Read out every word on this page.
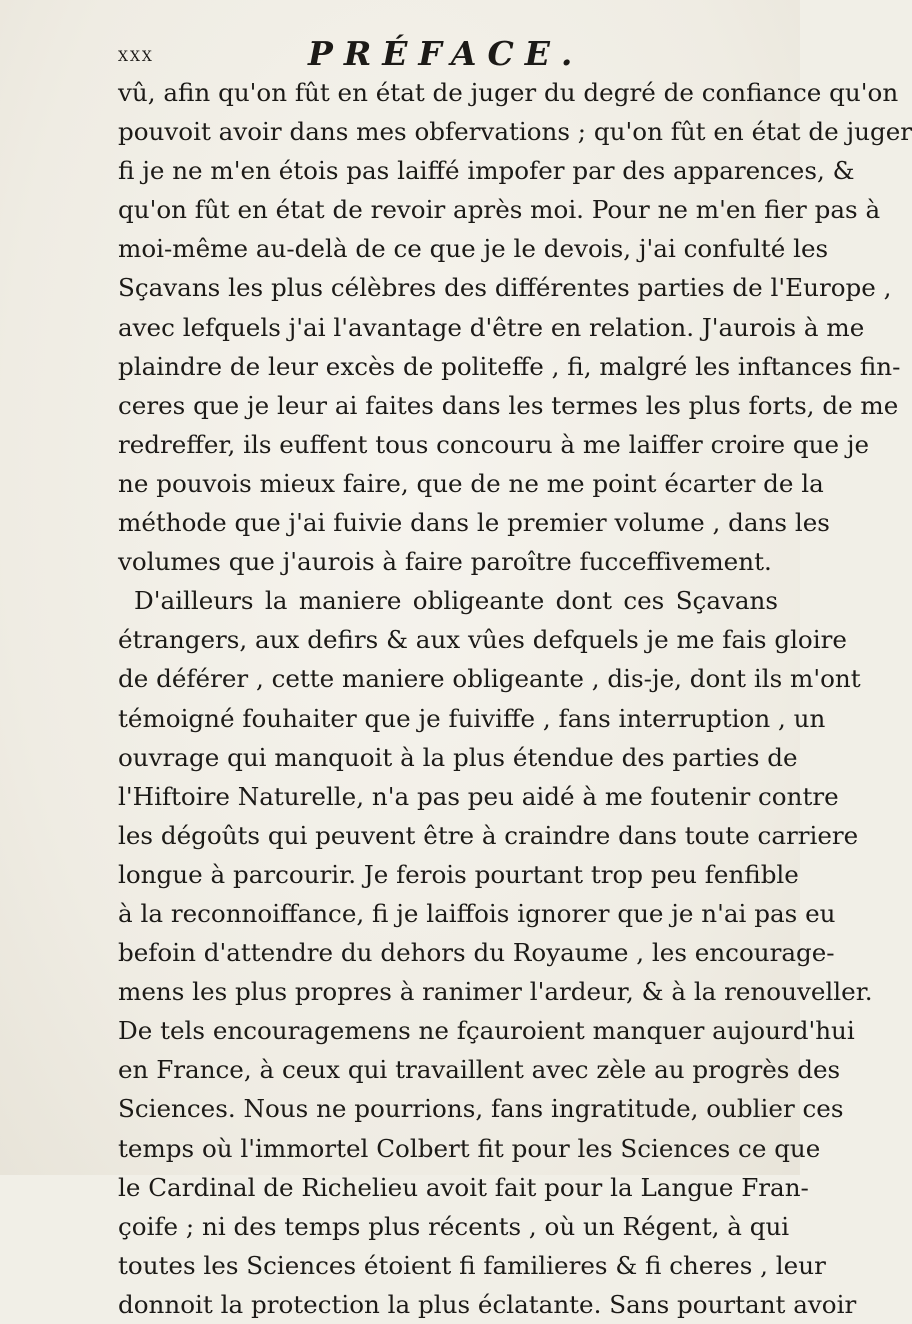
xxx	PRÉFACE.
vû, afin qu'on fût en état de juger du degré de confiance qu'on
pouvoit avoir dans mes obfervations ; qu'on fût en état de juger
fi je ne m'en étois pas laiffé impofer par des apparences, &
qu'on fût en état de revoir après moi. Pour ne m'en fier pas à
moi-même au-delà de ce que je le devois, j'ai confulté les
Sçavans les plus célèbres des différentes parties de l'Europe ,
avec lefquels j'ai l'avantage d'être en relation. J'aurois à me
plaindre de leur excès de politeffe , fi, malgré les inftances fin-
ceres que je leur ai faites dans les termes les plus forts, de me
redreffer, ils euffent tous concouru à me laiffer croire que je
ne pouvois mieux faire, que de ne me point écarter de la
méthode que j'ai fuivie dans le premier volume , dans les
volumes que j'aurois à faire paroître fucceffivement.
D'ailleurs la maniere obligeante dont ces Sçavans
étrangers, aux defirs & aux vûes defquels je me fais gloire
de déférer , cette maniere obligeante , dis-je, dont ils m'ont
témoigné fouhaiter que je fuiviffe , fans interruption , un
ouvrage qui manquoit à la plus étendue des parties de
l'Hiftoire Naturelle, n'a pas peu aidé à me foutenir contre
les dégoûts qui peuvent être à craindre dans toute carriere
longue à parcourir. Je ferois pourtant trop peu fenfible
à la reconnoiffance, fi je laiffois ignorer que je n'ai pas eu
befoin d'attendre du dehors du Royaume , les encourage-
mens les plus propres à ranimer l'ardeur, & à la renouveller.
De tels encouragemens ne fçauroient manquer aujourd'hui
en France, à ceux qui travaillent avec zèle au progrès des
Sciences. Nous ne pourrions, fans ingratitude, oublier ces
temps où l'immortel Colbert fit pour les Sciences ce que
le Cardinal de Richelieu avoit fait pour la Langue Fran-
çoife ; ni des temps plus récents , où un Régent, à qui
toutes les Sciences étoient fi familieres & fi cheres , leur
donnoit la protection la plus éclatante. Sans pourtant avoir
